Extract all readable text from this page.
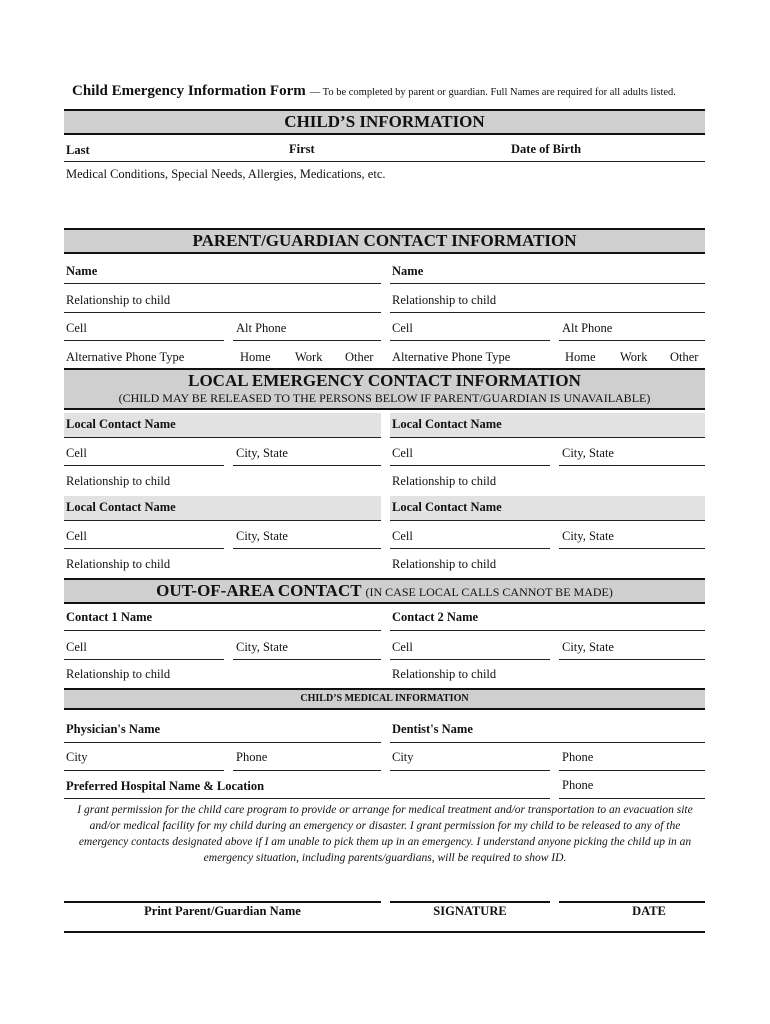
Child Emergency Information Form — To be completed by parent or guardian. Full Names are required for all adults listed.
CHILD’S INFORMATION
Last	First	Date of Birth
Medical Conditions, Special Needs, Allergies, Medications, etc.
PARENT/GUARDIAN CONTACT INFORMATION
Name	Name
Relationship to child	Relationship to child
Cell	Alt Phone	Cell	Alt Phone
Alternative Phone Type	Home Work Other Alternative Phone Type	Home Work Other
LOCAL EMERGENCY CONTACT INFORMATION
(CHILD MAY BE RELEASED TO THE PERSONS BELOW IF PARENT/GUARDIAN IS UNAVAILABLE)
Local Contact Name	Local Contact Name
Cell	City, State	Cell	City, State
Relationship to child	Relationship to child
Local Contact Name	Local Contact Name
Cell	City, State	Cell	City, State
Relationship to child	Relationship to child
OUT-OF-AREA CONTACT (IN CASE LOCAL CALLS CANNOT BE MADE)
Contact 1 Name	Contact 2 Name
Cell	City, State	Cell	City, State
Relationship to child	Relationship to child
CHILD’S MEDICAL INFORMATION
Physician's Name	Dentist's Name
City	Phone	City	Phone
Preferred Hospital Name & Location	Phone
I grant permission for the child care program to provide or arrange for medical treatment and/or transportation to an evacuation site and/or medical facility for my child during an emergency or disaster. I grant permission for my child to be released to any of the emergency contacts designated above if I am unable to pick them up in an emergency. I understand anyone picking the child up in an emergency situation, including parents/guardians, will be required to show ID.
Print Parent/Guardian Name	SIGNATURE	DATE
